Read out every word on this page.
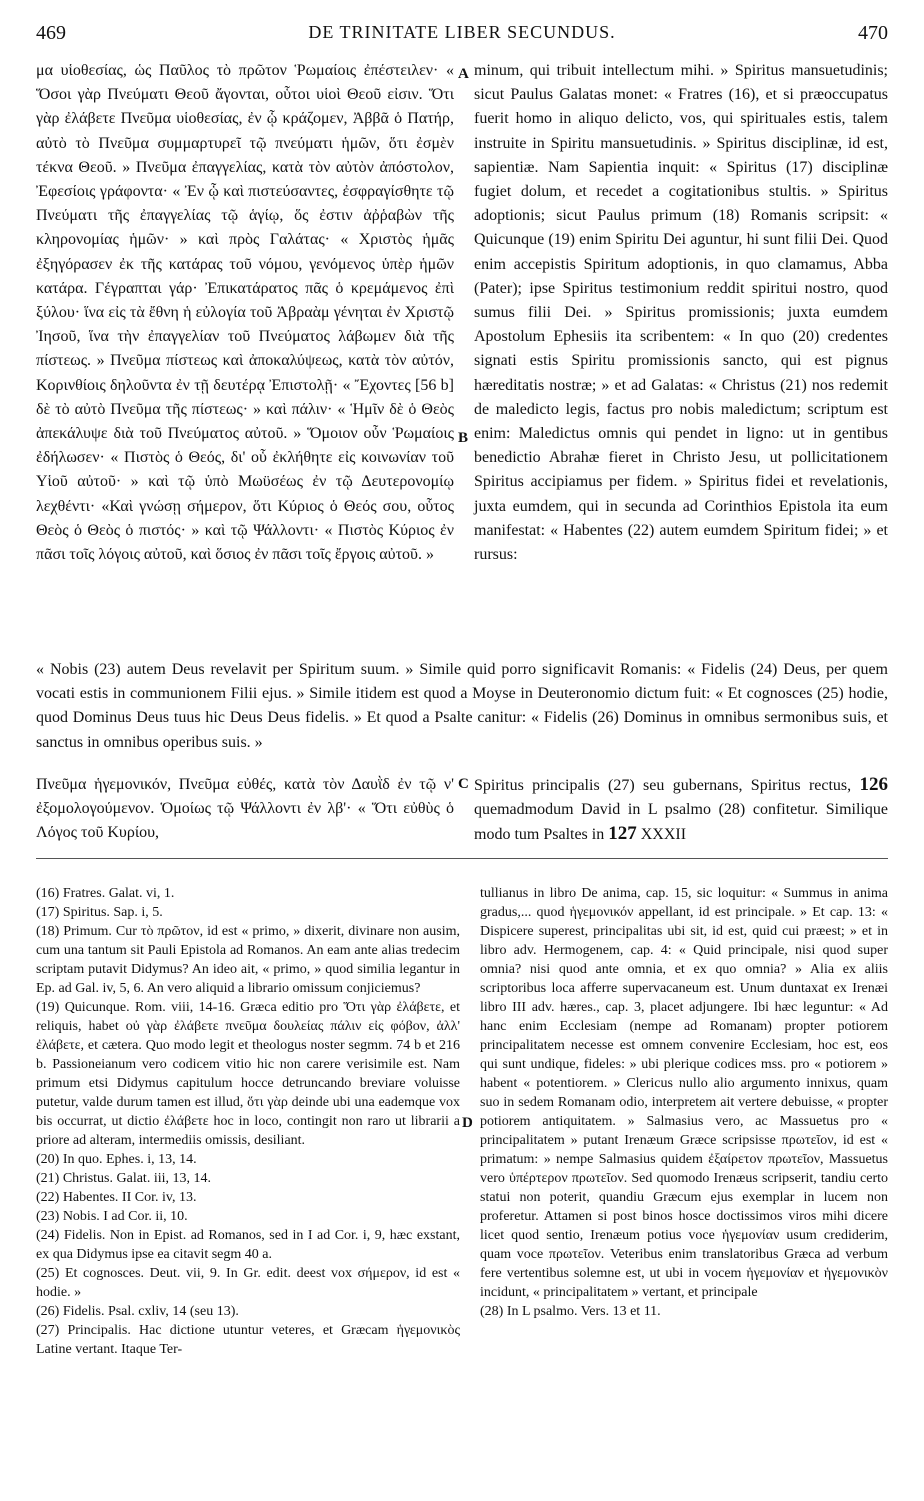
469	DE TRINITATE LIBER SECUNDUS.	470
μα υἱοθεσίας, ὡς Παῦλος τὸ πρῶτον Ῥωμαίοις ἐπέστειλεν· « Ὅσοι γὰρ Πνεύματι Θεοῦ ἄγονται, οὗτοι υἱοὶ Θεοῦ εἰσιν. Ὅτι γὰρ ἐλάβετε Πνεῦμα υἱοθεσίας, ἐν ᾧ κράζομεν, Ἀββᾶ ὁ Πατήρ, αὐτὸ τὸ Πνεῦμα συμμαρτυρεῖ τῷ πνεύματι ἡμῶν, ὅτι ἐσμὲν τέκνα Θεοῦ. » Πνεῦμα ἐπαγγελίας, κατὰ τὸν αὐτὸν ἀπόστολον, Ἐφεσίοις γράφοντα· « Ἐν ᾧ καὶ πιστεύσαντες, ἐσφραγίσθητε τῷ Πνεύματι τῆς ἐπαγγελίας τῷ ἁγίῳ, ὅς ἐστιν ἀῤῥαβὼν τῆς κληρονομίας ἡμῶν· » καὶ πρὸς Γαλάτας· « Χριστὸς ἡμᾶς ἐξηγόρασεν ἐκ τῆς κατάρας τοῦ νόμου, γενόμενος ὑπὲρ ἡμῶν κατάρα. Γέγραπται γάρ· Ἐπικατάρατος πᾶς ὁ κρεμάμενος ἐπὶ ξύλου· ἵνα εἰς τὰ ἔθνη ἡ εὐλογία τοῦ Ἀβραὰμ γένηται ἐν Χριστῷ Ἰησοῦ, ἵνα τὴν ἐπαγγελίαν τοῦ Πνεύματος λάβωμεν διὰ τῆς πίστεως. » Πνεῦμα πίστεως καὶ ἀποκαλύψεως, κατὰ τὸν αὐτόν, Κορινθίοις δηλοῦντα ἐν τῇ δευτέρᾳ Ἐπιστολῇ· « Ἔχοντες [56 b] δὲ τὸ αὐτὸ Πνεῦμα τῆς πίστεως· » καὶ πάλιν· « Ἡμῖν δὲ ὁ Θεὸς ἀπεκάλυψε διὰ τοῦ Πνεύματος αὐτοῦ. » Ὅμοιον οὖν Ῥωμαίοις ἐδήλωσεν· « Πιστὸς ὁ Θεός, δι' οὗ ἐκλήθητε εἰς κοινωνίαν τοῦ Υἱοῦ αὐτοῦ· » καὶ τῷ ὑπὸ Μωϋσέως ἐν τῷ Δευτερονομίῳ λεχθέντι· «Καὶ γνώσῃ σήμερον, ὅτι Κύριος ὁ Θεός σου, οὗτος Θεὸς ὁ Θεὸς ὁ πιστός· » καὶ τῷ Ψάλλοντι· « Πιστὸς Κύριος ἐν πᾶσι τοῖς λόγοις αὐτοῦ, καὶ ὅσιος ἐν πᾶσι τοῖς ἔργοις αὐτοῦ. »
A minum, qui tribuit intellectum mihi. » Spiritus mansuetudinis; sicut Paulus Galatas monet: « Fratres (16), et si præoccupatus fuerit homo in aliquo delicto, vos, qui spirituales estis, talem instruite in Spiritu mansuetudinis. » Spiritus disciplinæ, id est, sapientiæ. Nam Sapientia inquit: « Spiritus (17) disciplinæ fugiet dolum, et recedet a cogitationibus stultis. » Spiritus adoptionis; sicut Paulus primum (18) Romanis scripsit: « Quicunque (19) enim Spiritu Dei aguntur, hi sunt filii Dei. Quod enim accepistis Spiritum adoptionis, in quo clamamus, Abba (Pater); ipse Spiritus testimonium reddit spiritui nostro, quod sumus filii Dei. » Spiritus promissionis; juxta eumdem Apostolum Ephesiis ita scribentem: « In quo (20) credentes signati estis Spiritu promissionis sancto, qui est pignus hæreditatis nostræ; » et ad Galatas: « Christus (21) nos redemit de maledicto legis, factus pro nobis maledictum; scriptum est enim: Maledictus omnis qui pendet in ligno: ut in gentibus benedictio Abrahæ fieret in Christo Jesu, ut pollicitationem Spiritus accipiamus per fidem. » Spiritus fidei et revelationis, juxta eumdem, qui in secunda ad Corinthios Epistola ita eum manifestat: « Habentes (22) autem eumdem Spiritum fidei; » et rursus:
B
« Nobis (23) autem Deus revelavit per Spiritum suum. » Simile quid porro significavit Romanis: « Fidelis (24) Deus, per quem vocati estis in communionem Filii ejus. » Simile itidem est quod a Moyse in Deuteronomio dictum fuit: « Et cognosces (25) hodie, quod Dominus Deus tuus hic Deus Deus fidelis. » Et quod a Psalte canitur: « Fidelis (26) Dominus in omnibus sermonibus suis, et sanctus in omnibus operibus suis. »
Πνεῦμα ἡγεμονικόν, Πνεῦμα εὐθές, κατὰ τὸν Δαυῒδ ἐν τῷ ν' ἐξομολογούμενον. Ὁμοίως τῷ Ψάλλοντι ἐν λβ'· « Ὅτι εὐθὺς ὁ Λόγος τοῦ Κυρίου,
C Spiritus principalis (27) seu gubernans, Spiritus rectus, 126 quemadmodum David in L psalmo (28) confitetur. Similique modo tum Psaltes in 127 XXXII

(16) Fratres. Galat. vi, 1.

(17) Spiritus. Sap. i, 5.

(18) Primum. Cur τὸ πρῶτον, id est « primo, » dixerit, divinare non ausim, cum una tantum sit Pauli Epistola ad Romanos. An eam ante alias tredecim scriptam putavit Didymus? An ideo ait, « primo, » quod similia legantur in Ep. ad Gal. iv, 5, 6. An vero aliquid a librario omissum conjiciemus?

(19) Quicunque. Rom. viii, 14-16. Græca editio pro Ὅτι γὰρ ἐλάβετε, et reliquis, habet οὐ γὰρ ἐλάβετε πνεῦμα δουλείας πάλιν εἰς φόβον, ἀλλ' ἐλάβετε, et cætera. Quo modo legit et theologus noster segmm. 74 b et 216 b. Passioneianum vero codicem vitio hic non carere verisimile est. Nam primum etsi Didymus capitulum hocce detruncando breviare voluisse putetur, valde durum tamen est illud, ὅτι γὰρ deinde ubi una eademque vox bis occurrat, ut dictio ἐλάβετε hoc in loco, contingit non raro ut librarii a priore ad alteram, intermediis omissis, desiliant.

(20) In quo. Ephes. i, 13, 14.

(21) Christus. Galat. iii, 13, 14.

(22) Habentes. II Cor. iv, 13.

(23) Nobis. I ad Cor. ii, 10.

(24) Fidelis. Non in Epist. ad Romanos, sed in I ad Cor. i, 9, hæc exstant, ex qua Didymus ipse ea citavit segm 40 a.

(25) Et cognosces. Deut. vii, 9. In Gr. edit. deest vox σήμερον, id est « hodie. »

(26) Fidelis. Psal. cxliv, 14 (seu 13).

(27) Principalis. Hac dictione utuntur veteres, et Græcam ἡγεμονικὸς Latine vertant. Itaque Ter-

D

tullianus in libro De anima, cap. 15, sic loquitur: « Summus in anima gradus,... quod ἡγεμονικόν appellant, id est principale. » Et cap. 13: « Dispicere superest, principalitas ubi sit, id est, quid cui præest; » et in libro adv. Hermogenem, cap. 4: « Quid principale, nisi quod super omnia? nisi quod ante omnia, et ex quo omnia? » Alia ex aliis scriptoribus loca afferre supervacaneum est. Unum duntaxat ex Irenæi libro III adv. hæres., cap. 3, placet adjungere. Ibi hæc leguntur: « Ad hanc enim Ecclesiam (nempe ad Romanam) propter potiorem principalitatem necesse est omnem convenire Ecclesiam, hoc est, eos qui sunt undique, fideles: » ubi plerique codices mss. pro « potiorem » habent « potentiorem. » Clericus nullo alio argumento innixus, quam suo in sedem Romanam odio, interpretem ait vertere debuisse, « propter potiorem antiquitatem. » Salmasius vero, ac Massuetus pro « principalitatem » putant Irenæum Græce scripsisse πρωτεῖον, id est « primatum: » nempe Salmasius quidem ἐξαίρετον πρωτεῖον, Massuetus vero ὑπέρτερον πρωτεῖον. Sed quomodo Irenæus scripserit, tandiu certo statui non poterit, quandiu Græcum ejus exemplar in lucem non proferetur. Attamen si post binos hosce doctissimos viros mihi dicere licet quod sentio, Irenæum potius voce ἡγεμονίαν usum crediderim, quam voce πρωτεῖον. Veteribus enim translatoribus Græca ad verbum fere vertentibus solemne est, ut ubi in vocem ἡγεμονίαν et ἡγεμονικὸν incidunt, « principalitatem » vertant, et principale

(28) In L psalmo. Vers. 13 et 11.
